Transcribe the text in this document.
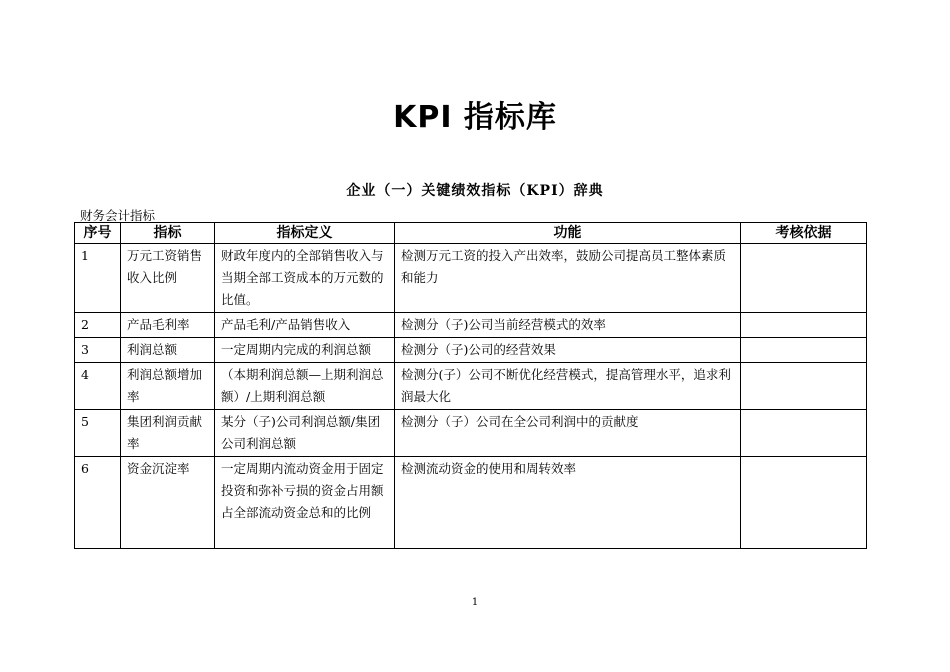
KPI 指标库
企业（一）关键绩效指标（KPI）辞典
财务会计指标
序号	指标	指标定义	功能	考核依据
1	万元工资销售收入比例	财政年度内的全部销售收入与当期全部工资成本的万元数的比值。	检测万元工资的投入产出效率，鼓励公司提高员工整体素质和能力	
2	产品毛利率	产品毛利/产品销售收入	检测分（子)公司当前经营模式的效率	
3	利润总额	一定周期内完成的利润总额	检测分（子)公司的经营效果	
4	利润总额增加率	（本期利润总额—上期利润总额）/上期利润总额	检测分(子）公司不断优化经营模式，提高管理水平，追求利润最大化	
5	集团利润贡献率	某分（子)公司利润总额/集团公司利润总额	检测分（子）公司在全公司利润中的贡献度	
6	资金沉淀率	一定周期内流动资金用于固定投资和弥补亏损的资金占用额占全部流动资金总和的比例	检测流动资金的使用和周转效率	
1
